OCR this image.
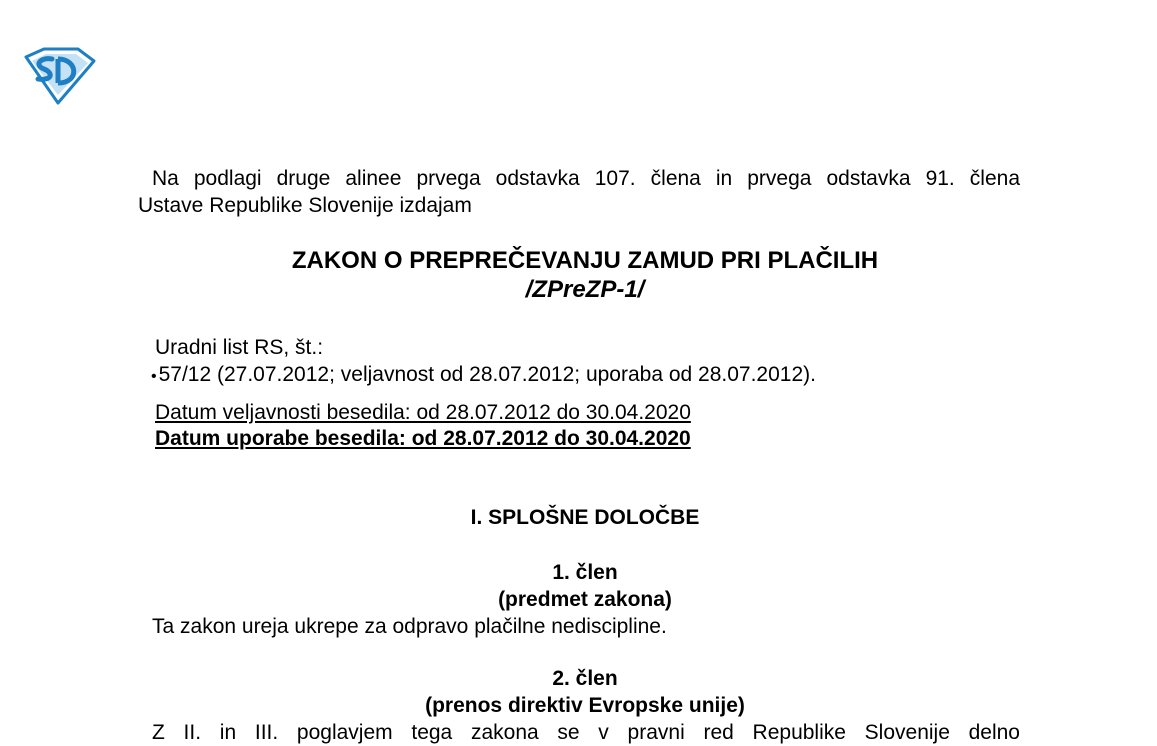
Na podlagi druge alinee prvega odstavka 107. člena in prvega odstavka 91. člena
Ustave Republike Slovenije izdajam
ZAKON O PREPREČEVANJU ZAMUD PRI PLAČILIH
/ZPreZP-1/
Uradni list RS, št.:
• 57/12 (27.07.2012; veljavnost od 28.07.2012; uporaba od 28.07.2012).
Datum veljavnosti besedila: od 28.07.2012 do 30.04.2020
Datum uporabe besedila: od 28.07.2012 do 30.04.2020
I. SPLOŠNE DOLOČBE
1. člen
(predmet zakona)
Ta zakon ureja ukrepe za odpravo plačilne nediscipline.
2. člen
(prenos direktiv Evropske unije)
Z II. in III. poglavjem tega zakona se v pravni red Republike Slovenije delno
